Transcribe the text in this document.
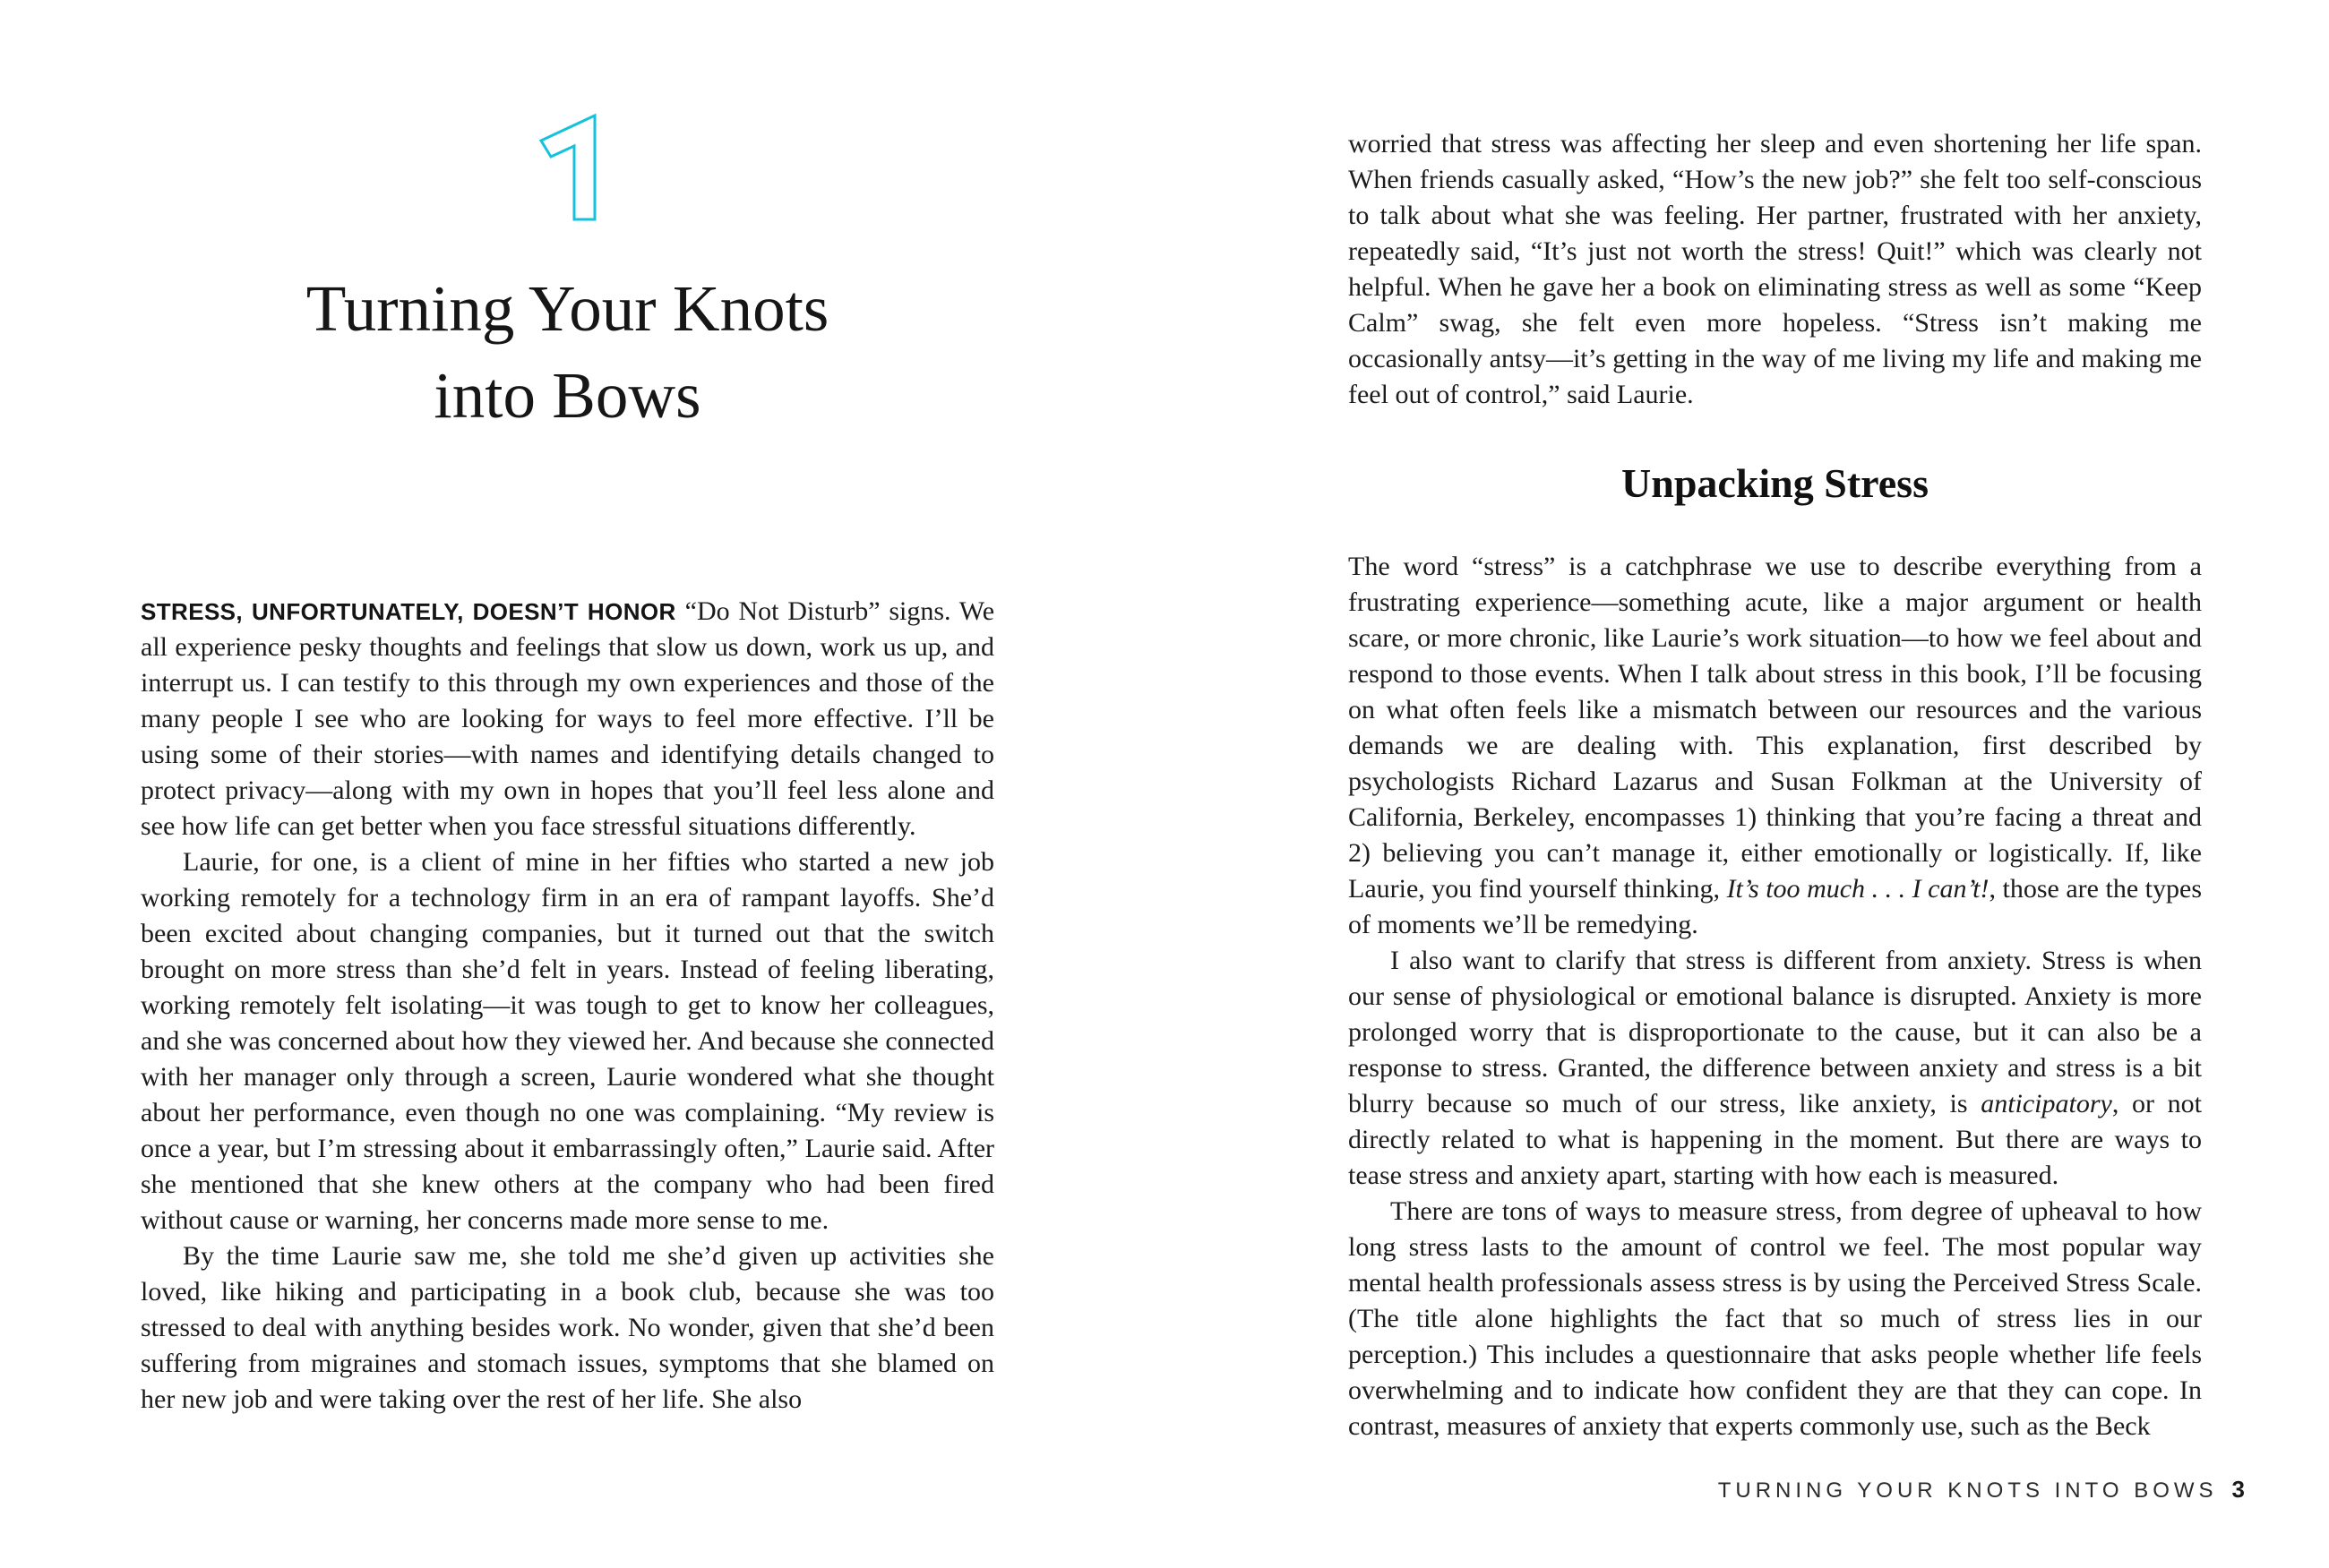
Turning Your Knots
into Bows

STRESS, UNFORTUNATELY, DOESN’T HONOR “Do Not Disturb” signs. We all experience pesky thoughts and feelings that slow us down, work us up, and interrupt us. I can testify to this through my own experiences and those of the many people I see who are looking for ways to feel more effective. I’ll be using some of their stories—with names and identifying details changed to protect privacy—along with my own in hopes that you’ll feel less alone and see how life can get better when you face stressful situations differently.

Laurie, for one, is a client of mine in her fifties who started a new job working remotely for a technology firm in an era of rampant layoffs. She’d been excited about changing companies, but it turned out that the switch brought on more stress than she’d felt in years. Instead of feeling liberating, working remotely felt isolating—it was tough to get to know her colleagues, and she was concerned about how they viewed her. And because she connected with her manager only through a screen, Laurie wondered what she thought about her performance, even though no one was complaining. “My review is once a year, but I’m stressing about it embarrassingly often,” Laurie said. After she mentioned that she knew others at the company who had been fired without cause or warning, her concerns made more sense to me.

By the time Laurie saw me, she told me she’d given up activities she loved, like hiking and participating in a book club, because she was too stressed to deal with anything besides work. No wonder, given that she’d been suffering from migraines and stomach issues, symptoms that she blamed on her new job and were taking over the rest of her life. She also

worried that stress was affecting her sleep and even shortening her life span. When friends casually asked, “How’s the new job?” she felt too self-conscious to talk about what she was feeling. Her partner, frustrated with her anxiety, repeatedly said, “It’s just not worth the stress! Quit!” which was clearly not helpful. When he gave her a book on eliminating stress as well as some “Keep Calm” swag, she felt even more hopeless. “Stress isn’t making me occasionally antsy—it’s getting in the way of me living my life and making me feel out of control,” said Laurie.

Unpacking Stress

The word “stress” is a catchphrase we use to describe everything from a frustrating experience—something acute, like a major argument or health scare, or more chronic, like Laurie’s work situation—to how we feel about and respond to those events. When I talk about stress in this book, I’ll be focusing on what often feels like a mismatch between our resources and the various demands we are dealing with. This explanation, first described by psychologists Richard Lazarus and Susan Folkman at the University of California, Berkeley, encompasses 1) thinking that you’re facing a threat and 2) believing you can’t manage it, either emotionally or logistically. If, like Laurie, you find yourself thinking, It’s too much . . . I can’t!, those are the types of moments we’ll be remedying.

I also want to clarify that stress is different from anxiety. Stress is when our sense of physiological or emotional balance is disrupted. Anxiety is more prolonged worry that is disproportionate to the cause, but it can also be a response to stress. Granted, the difference between anxiety and stress is a bit blurry because so much of our stress, like anxiety, is anticipatory, or not directly related to what is happening in the moment. But there are ways to tease stress and anxiety apart, starting with how each is measured.

There are tons of ways to measure stress, from degree of upheaval to how long stress lasts to the amount of control we feel. The most popular way mental health professionals assess stress is by using the Perceived Stress Scale. (The title alone highlights the fact that so much of stress lies in our perception.) This includes a questionnaire that asks people whether life feels overwhelming and to indicate how confident they are that they can cope. In contrast, measures of anxiety that experts commonly use, such as the Beck

TURNING YOUR KNOTS INTO BOWS 3
